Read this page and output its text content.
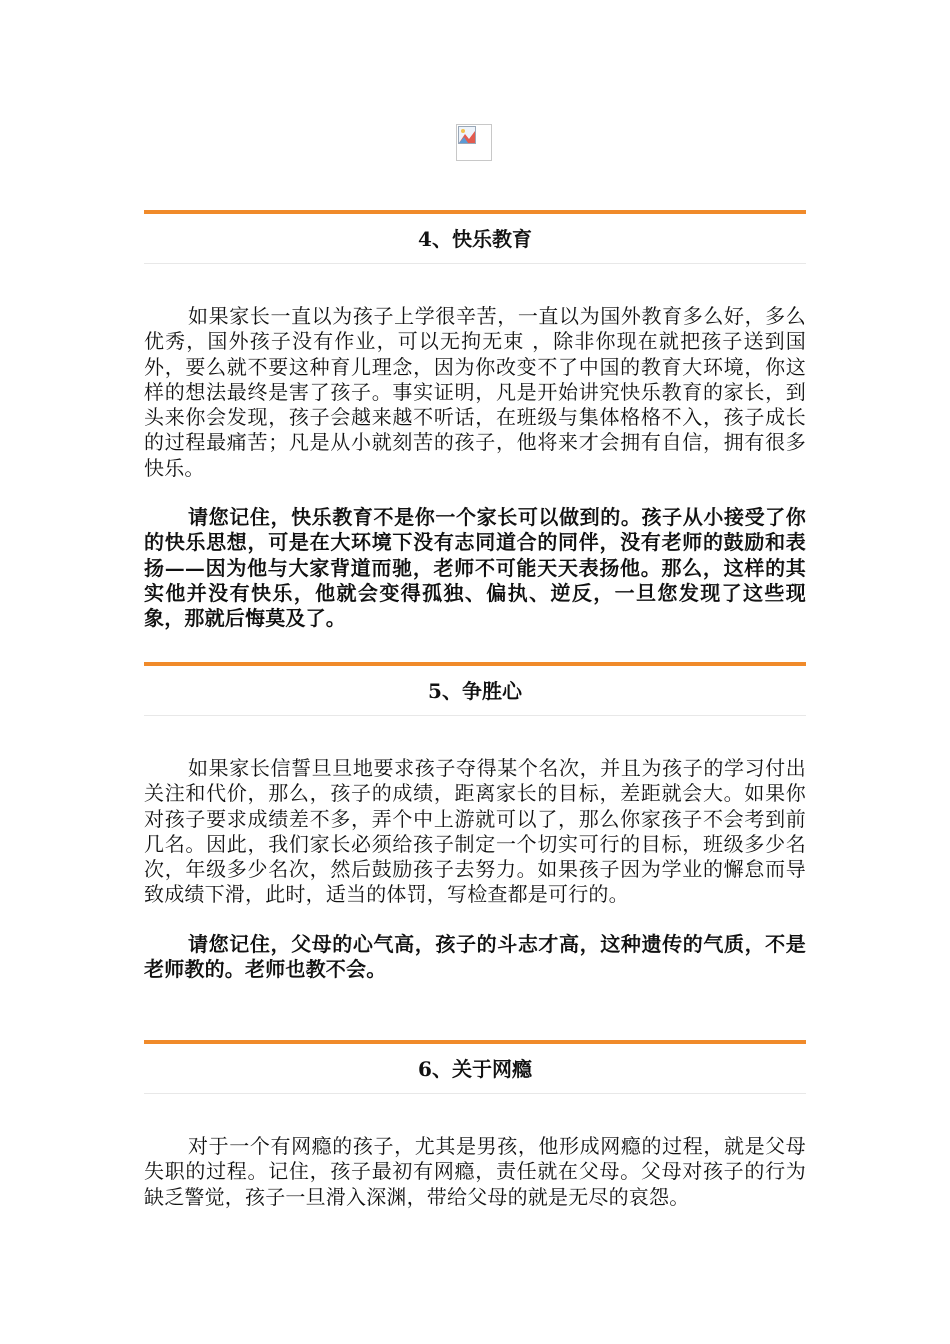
4、快乐教育

如果家长一直以为孩子上学很辛苦，一直以为国外教育多么好，多么优秀，国外孩子没有作业，可以无拘无束 ，除非你现在就把孩子送到国外，要么就不要这种育儿理念，因为你改变不了中国的教育大环境，你这样的想法最终是害了孩子。事实证明，凡是开始讲究快乐教育的家长，到头来你会发现，孩子会越来越不听话，在班级与集体格格不入，孩子成长的过程最痛苦；凡是从小就刻苦的孩子，他将来才会拥有自信，拥有很多快乐。

请您记住，快乐教育不是你一个家长可以做到的。孩子从小接受了你的快乐思想，可是在大环境下没有志同道合的同伴，没有老师的鼓励和表扬——因为他与大家背道而驰，老师不可能天天表扬他。那么，这样的其实他并没有快乐，他就会变得孤独、偏执、逆反，一旦您发现了这些现象，那就后悔莫及了。

5、争胜心

如果家长信誓旦旦地要求孩子夺得某个名次，并且为孩子的学习付出关注和代价，那么，孩子的成绩，距离家长的目标，差距就会大。如果你对孩子要求成绩差不多，弄个中上游就可以了，那么你家孩子不会考到前几名。因此，我们家长必须给孩子制定一个切实可行的目标，班级多少名次，年级多少名次，然后鼓励孩子去努力。如果孩子因为学业的懈怠而导致成绩下滑，此时，适当的体罚，写检查都是可行的。

请您记住，父母的心气高，孩子的斗志才高，这种遗传的气质，不是老师教的。老师也教不会。

6、关于网瘾

对于一个有网瘾的孩子，尤其是男孩，他形成网瘾的过程，就是父母失职的过程。记住，孩子最初有网瘾，责任就在父母。父母对孩子的行为缺乏警觉，孩子一旦滑入深渊，带给父母的就是无尽的哀怨。
